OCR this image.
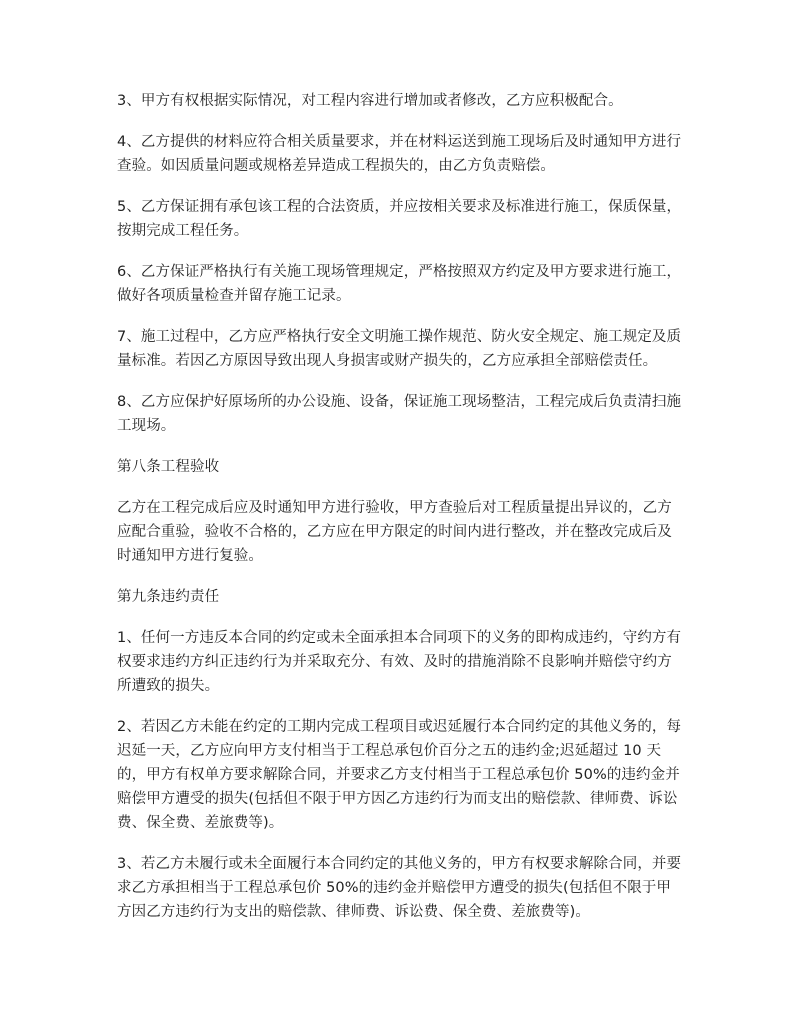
3、甲方有权根据实际情况，对工程内容进行增加或者修改，乙方应积极配合。

4、乙方提供的材料应符合相关质量要求，并在材料运送到施工现场后及时通知甲方进行查验。如因质量问题或规格差异造成工程损失的，由乙方负责赔偿。

5、乙方保证拥有承包该工程的合法资质，并应按相关要求及标准进行施工，保质保量，按期完成工程任务。

6、乙方保证严格执行有关施工现场管理规定，严格按照双方约定及甲方要求进行施工，做好各项质量检查并留存施工记录。

7、施工过程中，乙方应严格执行安全文明施工操作规范、防火安全规定、施工规定及质量标准。若因乙方原因导致出现人身损害或财产损失的，乙方应承担全部赔偿责任。

8、乙方应保护好原场所的办公设施、设备，保证施工现场整洁，工程完成后负责清扫施工现场。

第八条工程验收

乙方在工程完成后应及时通知甲方进行验收，甲方查验后对工程质量提出异议的，乙方应配合重验，验收不合格的，乙方应在甲方限定的时间内进行整改，并在整改完成后及时通知甲方进行复验。

第九条违约责任

1、任何一方违反本合同的约定或未全面承担本合同项下的义务的即构成违约，守约方有权要求违约方纠正违约行为并采取充分、有效、及时的措施消除不良影响并赔偿守约方所遭致的损失。

2、若因乙方未能在约定的工期内完成工程项目或迟延履行本合同约定的其他义务的，每迟延一天，乙方应向甲方支付相当于工程总承包价百分之五的违约金;迟延超过 10 天的，甲方有权单方要求解除合同，并要求乙方支付相当于工程总承包价 50%的违约金并赔偿甲方遭受的损失(包括但不限于甲方因乙方违约行为而支出的赔偿款、律师费、诉讼费、保全费、差旅费等)。

3、若乙方未履行或未全面履行本合同约定的其他义务的，甲方有权要求解除合同，并要求乙方承担相当于工程总承包价 50%的违约金并赔偿甲方遭受的损失(包括但不限于甲方因乙方违约行为支出的赔偿款、律师费、诉讼费、保全费、差旅费等)。
